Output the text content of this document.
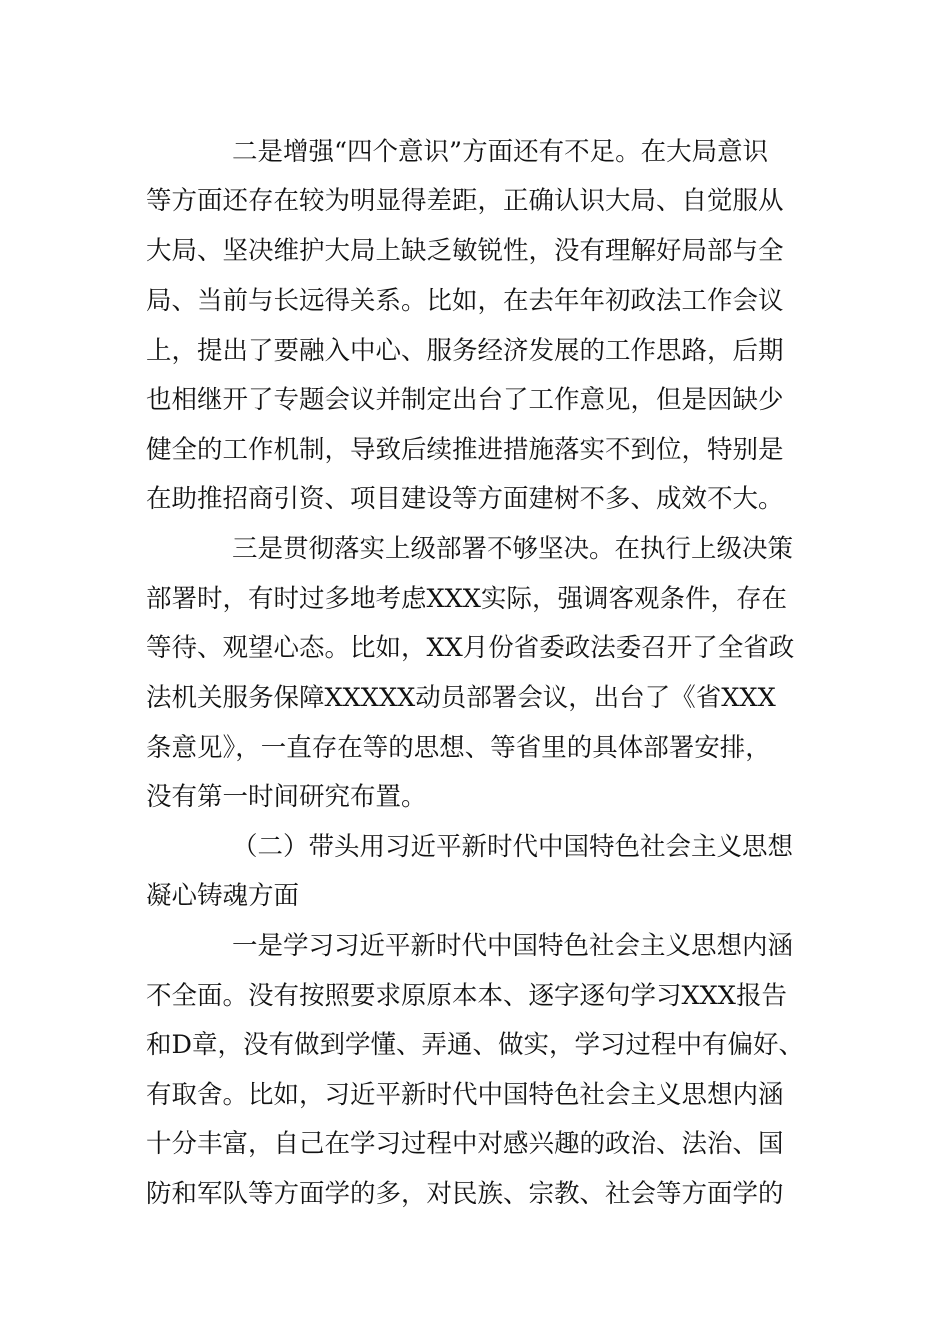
二是增强“四个意识”方面还有不足。在大局意识
等方面还存在较为明显得差距，正确认识大局、自觉服从
大局、坚决维护大局上缺乏敏锐性，没有理解好局部与全
局、当前与长远得关系。比如，在去年年初政法工作会议
上，提出了要融入中心、服务经济发展的工作思路，后期
也相继开了专题会议并制定出台了工作意见，但是因缺少
健全的工作机制，导致后续推进措施落实不到位，特别是
在助推招商引资、项目建设等方面建树不多、成效不大。
三是贯彻落实上级部署不够坚决。在执行上级决策
部署时，有时过多地考虑XXX实际，强调客观条件，存在
等待、观望心态。比如，XX月份省委政法委召开了全省政
法机关服务保障XXXXX动员部署会议，出台了《省XXX
条意见》，一直存在等的思想、等省里的具体部署安排，
没有第一时间研究布置。
（二）带头用习近平新时代中国特色社会主义思想
凝心铸魂方面
一是学习习近平新时代中国特色社会主义思想内涵
不全面。没有按照要求原原本本、逐字逐句学习XXX报告
和D章，没有做到学懂、弄通、做实，学习过程中有偏好、
有取舍。比如，习近平新时代中国特色社会主义思想内涵
十分丰富，自己在学习过程中对感兴趣的政治、法治、国
防和军队等方面学的多，对民族、宗教、社会等方面学的
